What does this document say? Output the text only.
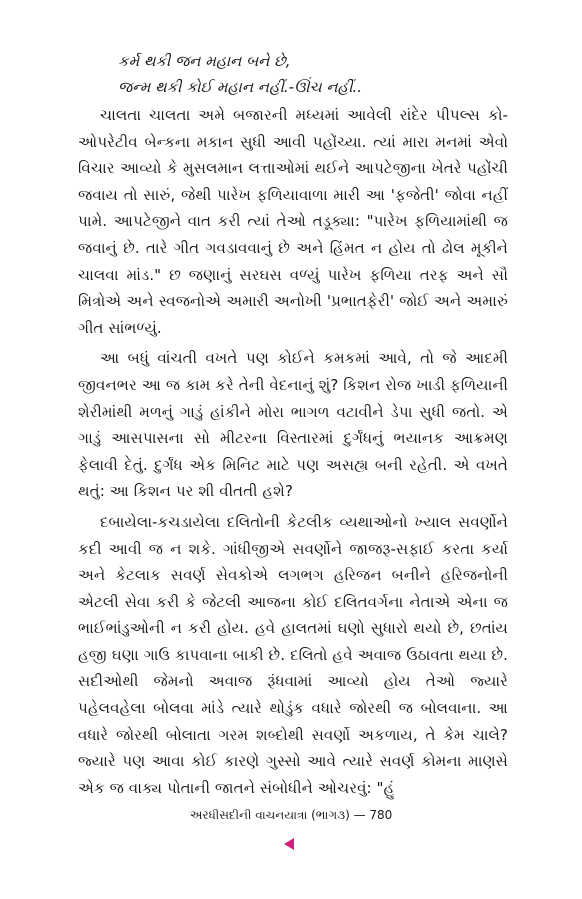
કર્મ થકી જન મહાન બને છે,
જન્મ થકી કોઈ મહાન નહીં.-ઊંચ નહીં..

ચાલતા ચાલતા અમે બજારની મધ્યમાં આવેલી રાંદેર પીપલ્સ કો-ઓપરેટીવ બેન્કના મકાન સુધી આવી પહોંચ્યા. ત્યાં મારા મનમાં એવો વિચાર આવ્યો કે મુસલમાન લત્તાઓમાં થઈને આપટેજીના ખેતરે પહોંચી જવાય તો સારું, જેથી પારેખ ફળિયાવાળા મારી આ 'ફજેતી' જોવા નહીં પામે. આપટેજીને વાત કરી ત્યાં તેઓ તડૂક્યા: "પારેખ ફળિયામાંથી જ જવાનું છે. તારે ગીત ગવડાવવાનું છે અને હિંમત ન હોય તો ઢોલ મૂકીને ચાલવા માંડ." છ જણાનું સરઘસ વળ્યું પારેખ ફળિયા તરફ અને સૌ મિત્રોએ અને સ્વજનોએ અમારી અનોખી 'પ્રભાતફેરી' જોઈ અને અમારું ગીત સાંભળ્યું.

આ બધું વાંચતી વખતે પણ કોઈને કમકમાં આવે, તો જે આદમી જીવનભર આ જ કામ કરે તેની વેદનાનું શું? કિશન રોજ ખાડી ફળિયાની શેરીમાંથી મળનું ગાડું હાંકીને મોરા ભાગળ વટાવીને ડેપા સુધી જતો. એ ગાડું આસપાસના સો મીટરના વિસ્તારમાં દુર્ગંધનું ભયાનક આક્રમણ ફેલાવી દેતું. દુર્ગંધ એક મિનિટ માટે પણ અસહ્ય બની રહેતી. એ વખતે થતું: આ કિશન પર શી વીતતી હશે?

દબાયેલા-કચડાયેલા દલિતોની કેટલીક વ્યથાઓનો ખ્યાલ સવર્ણોને કદી આવી જ ન શકે. ગાંધીજીએ સવર્ણોને જાજરૂ-સફાઈ કરતા કર્યા અને કેટલાક સવર્ણ સેવકોએ લગભગ હરિજન બનીને હરિજનોની એટલી સેવા કરી કે જેટલી આજના કોઈ દલિતવર્ગના નેતાએ એના જ ભાઈભાંડુઓની ન કરી હોય. હવે હાલતમાં ઘણો સુધારો થયો છે, છતાંય હજી ઘણા ગાઉ કાપવાના બાકી છે. દલિતો હવે અવાજ ઉઠાવતા થયા છે. સદીઓથી જેમનો અવાજ રૂંધવામાં આવ્યો હોય તેઓ જ્યારે પહેલવહેલા બોલવા માંડે ત્યારે થોડુંક વધારે જોરથી જ બોલવાના. આ વધારે જોરથી બોલાતા ગરમ શબ્દોથી સવર્ણો અકળાય, તે કેમ ચાલે? જ્યારે પણ આવા કોઈ કારણે ગુસ્સો આવે ત્યારે સવર્ણ કોમના માણસે એક જ વાક્ય પોતાની જાતને સંબોધીને ઓચરવું: "હું

અરધીસદીની વાચનયાત્રા (ભાગ૩) — 780
